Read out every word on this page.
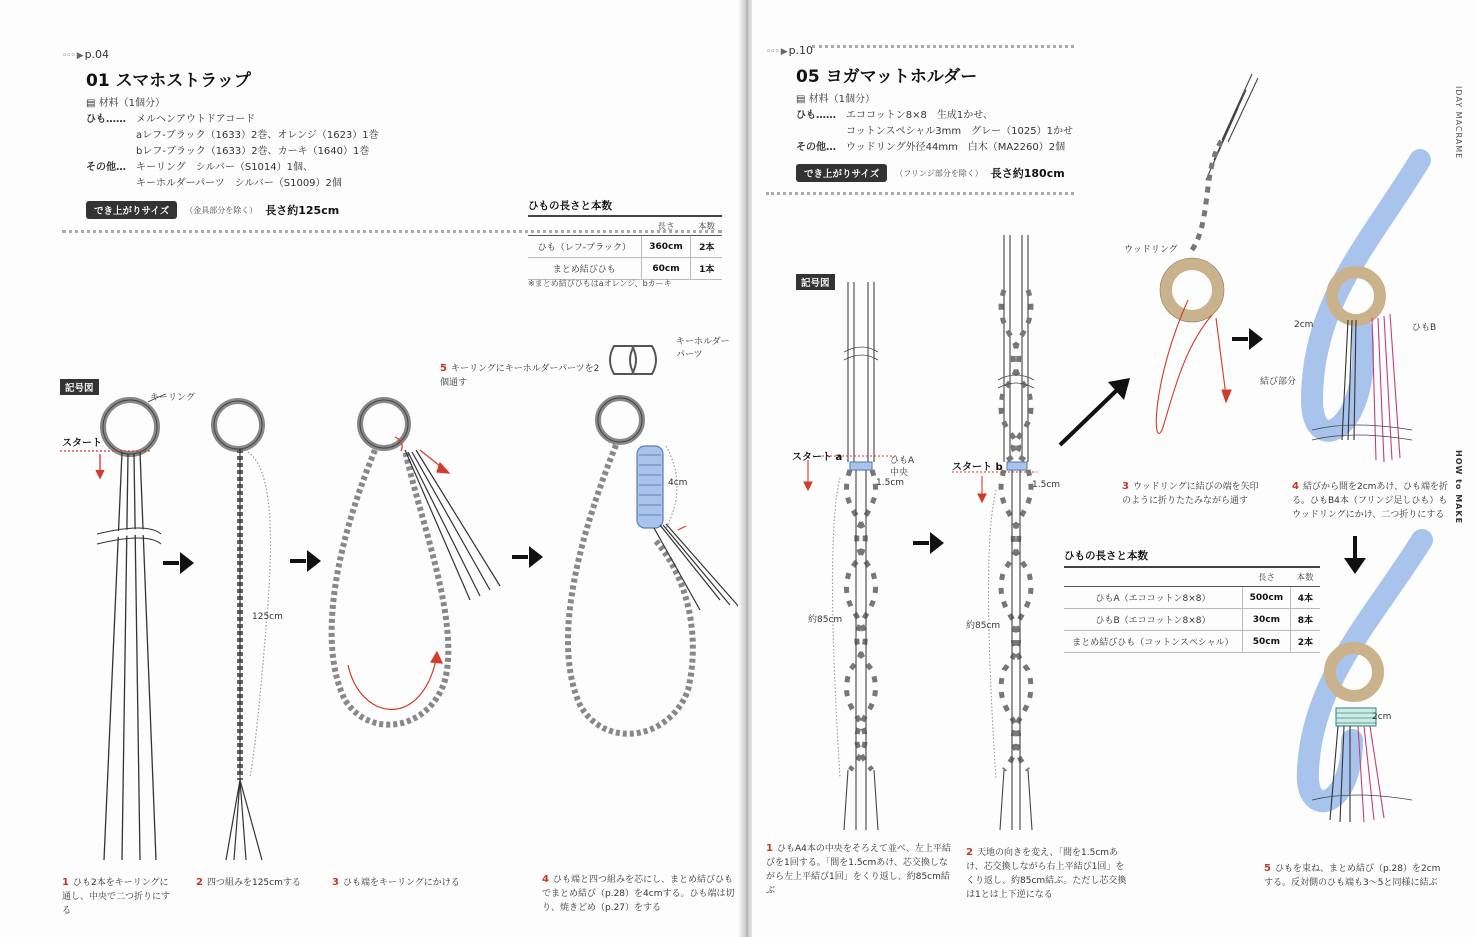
◦◦◦ ▶ p.04
01 スマホストラップ
▤ 材料（1個分）
ひも…… メルヘンアウトドアコード
aレフ-ブラック（1633）2巻、オレンジ（1623）1巻
bレフ-ブラック（1633）2巻、カーキ（1640）1巻
その他… キーリング　シルバー（S1014）1個、
キーホルダーパーツ　シルバー（S1009）2個
でき上がりサイズ	（金具部分を除く） 長さ約125cm	ひもの長さと本数
	長さ	本数
ひも（レフ-ブラック）	360cm	2本
まとめ結びひも	60cm	1本
※まとめ結びひもはaオレンジ、bカーキ
記号図
キーリング
スタート
125cm
4cm
キーホルダー
パーツ
5 キーリングにキーホルダーパーツを2個通す
1 ひも2本をキーリングに通し、中央で二つ折りにする
2 四つ組みを125cmする	3 ひも端をキーリングにかける	4 ひも端と四つ組みを芯にし、まとめ結びひもでまとめ結び（p.28）を4cmする。ひも端は切り、焼きどめ（p.27）をする
◦◦◦ ▶ p.10
05 ヨガマットホルダー
▤ 材料（1個分）
ひも…… エココットン8×8　生成1かせ、
コットンスペシャル3mm　グレー（1025）1かせ
その他… ウッドリング外径44mm　白木（MA2260）2個
でき上がりサイズ	（フリンジ部分を除く） 長さ約180cm
記号図
スタート a
スタート b
ひもA
中央
1.5cm	1.5cm
約85cm
約85cm
ウッドリング
2cm	ひもB
結び部分
2cm
ひもの長さと本数
	長さ	本数
ひもA（エココットン8×8）	500cm	4本
ひもB（エココットン8×8）	30cm	8本
まとめ結びひも（コットンスペシャル）	50cm	2本
3 ウッドリングに結びの端を矢印のように折りたたみながら通す
4 結びから間を2cmあけ、ひも端を折る。ひもB4本（フリンジ足しひも）もウッドリングにかけ、二つ折りにする
1 ひもA4本の中央をそろえて並べ、左上平結びを1回する。「間を1.5cmあけ、芯交換しながら左上平結び1回」をくり返し、約85cm結ぶ
2 天地の向きを変え、「間を1.5cmあけ、芯交換しながら右上平結び1回」をくり返し、約85cm結ぶ。ただし芯交換は1とは上下逆になる
5 ひもを束ね、まとめ結び（p.28）を2cmする。反対側のひも端も3〜5と同様に結ぶ
IDAY MACRAME
HOW to MAKE
